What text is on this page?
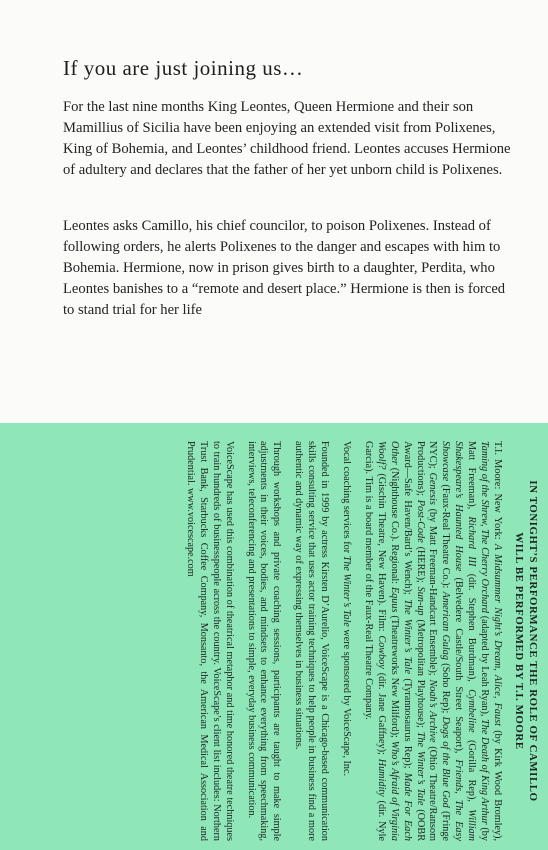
If you are just joining us…

For the last nine months King Leontes, Queen Hermione and their son Mamillius of Sicilia have been enjoying an extended visit from Polixenes, King of Bohemia, and Leontes’ childhood friend. Leontes accuses Hermione of adultery and declares that the father of her yet unborn child is Polixenes.

Leontes asks Camillo, his chief councilor, to poison Polixenes. Instead of following orders, he alerts Polixenes to the danger and escapes with him to Bohemia. Hermione, now in prison gives birth to a daughter, Perdita, who Leontes banishes to a “remote and desert place.” Hermione is then is forced to stand trial for her life

IN TONIGHT’S PERFORMANCE THE ROLE OF CAMILLO
WILL BE PERFORMED BY T.I. MOORE

T.I. Moore: New York: A Midsummer Night’s Dream, Alice, Faust (by Kirk Wood Bromley), Taming of the Shrew, The Cherry Orchard (adapted by Leah Ryan), The Death of King Arthur (by Matt Freeman), Richard III (dir. Stephen Burdman), Cymbeline (Gorilla Rep), William Shakespeare’s Haunted House (Belvedere Castle/South Street Seaport), Friends, The Easy Showcase (Faux-Real Theatre Co.): American Gulag (Soho Rep); Dogs of the Blue God (Fringe NYC); Genesis (by Matt Freeman-Handcart Ensemble); Noah’s Archive (Ohio Theatre/Ransom Productions); Post-Code (HERE); Sun-up (Metropolitan Playhouse); The Winter’s Tale (OOBR Award—Safe Haven/Bard’s Wench); The Winter’s Tale (Tyrannosaurus Rep); Made For Each Other (Nighthouse Co.). Regional: Equus (Theatreworks New Milford); Who’s Afraid of Virginia Woolf? (Gischin Theatre, New Haven). Film: Cowboy (dir. Jane Gaffney); Humidity (dir. Nyle Garcia). Tim is a board member of the Faux-Real Theatre Company.

Vocal coaching services for The Winter’s Tale were sponsored by VoiceScape, Inc.

Founded in 1999 by actress Kirsten D’Aurelio, VoiceScape is a Chicago-based communication skills consulting service that uses actor training techniques to help people in business find a more authentic and dynamic way of expressing themselves in business situations.

Through workshops and private coaching sessions, participants are taught to make simple adjustments in their voices, bodies, and mindsets to enhance everything from speechmaking, interviews, teleconferencing and presentations to simple, everyday business communication.

VoiceScape has used this combination of theatrical metaphor and time honored theatre techniques to train hundreds of businesspeople across the country. VoiceScape’s client list includes: Northern Trust Bank, Starbucks Coffee Company, Monsanto, the American Medical Association and Prudential. www.voicescape.com
